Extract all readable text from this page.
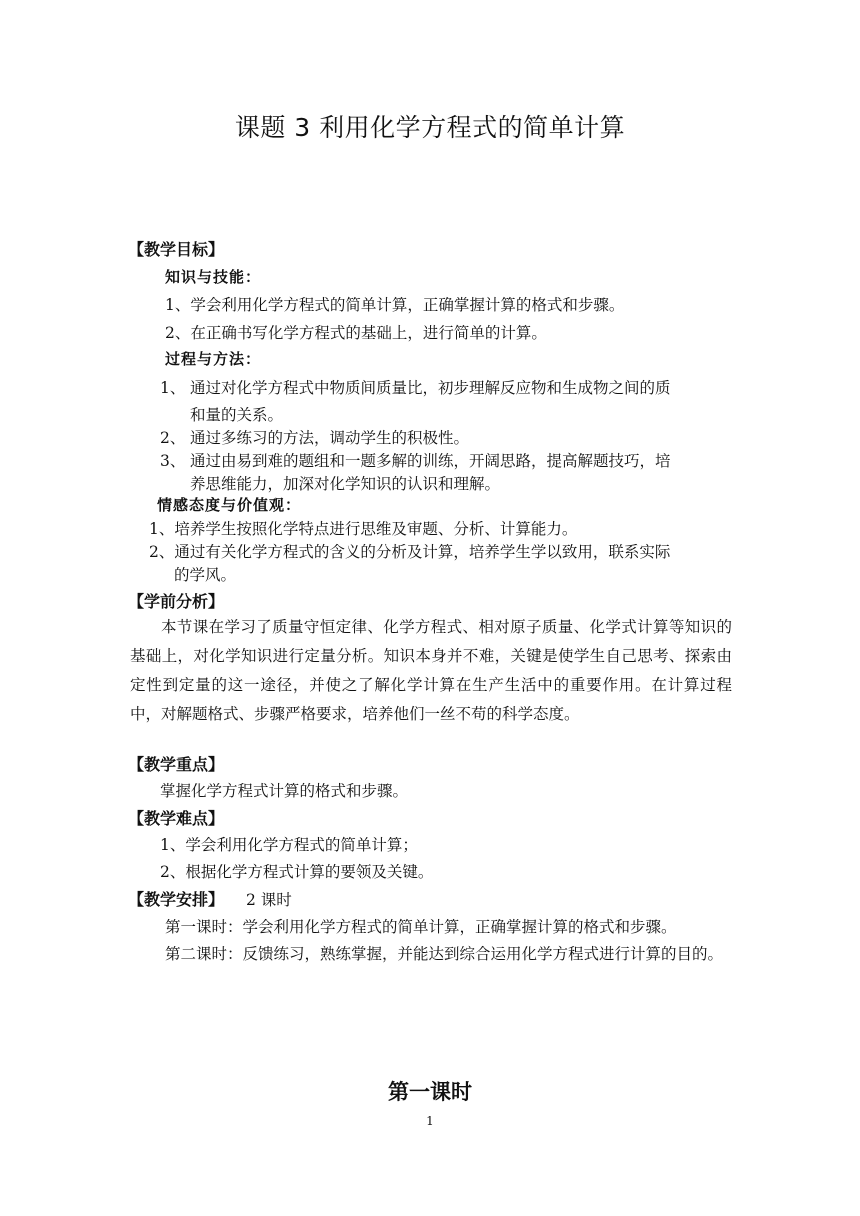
课题 3 利用化学方程式的简单计算
【教学目标】
知识与技能：
1、学会利用化学方程式的简单计算，正确掌握计算的格式和步骤。
2、在正确书写化学方程式的基础上，进行简单的计算。
过程与方法：
1、 通过对化学方程式中物质间质量比，初步理解反应物和生成物之间的质
和量的关系。
2、 通过多练习的方法，调动学生的积极性。
3、 通过由易到难的题组和一题多解的训练，开阔思路，提高解题技巧，培
养思维能力，加深对化学知识的认识和理解。
情感态度与价值观：
1、培养学生按照化学特点进行思维及审题、分析、计算能力。
2、通过有关化学方程式的含义的分析及计算，培养学生学以致用，联系实际
的学风。
【学前分析】
本节课在学习了质量守恒定律、化学方程式、相对原子质量、化学式计算等知识的基础上，对化学知识进行定量分析。知识本身并不难，关键是使学生自己思考、探索由定性到定量的这一途径，并使之了解化学计算在生产生活中的重要作用。在计算过程中，对解题格式、步骤严格要求，培养他们一丝不苟的科学态度。
【教学重点】
掌握化学方程式计算的格式和步骤。
【教学难点】
1、学会利用化学方程式的简单计算；
2、根据化学方程式计算的要领及关键。
【教学安排】 2 课时
第一课时：学会利用化学方程式的简单计算，正确掌握计算的格式和步骤。
第二课时：反馈练习，熟练掌握，并能达到综合运用化学方程式进行计算的目的。
第一课时
1
